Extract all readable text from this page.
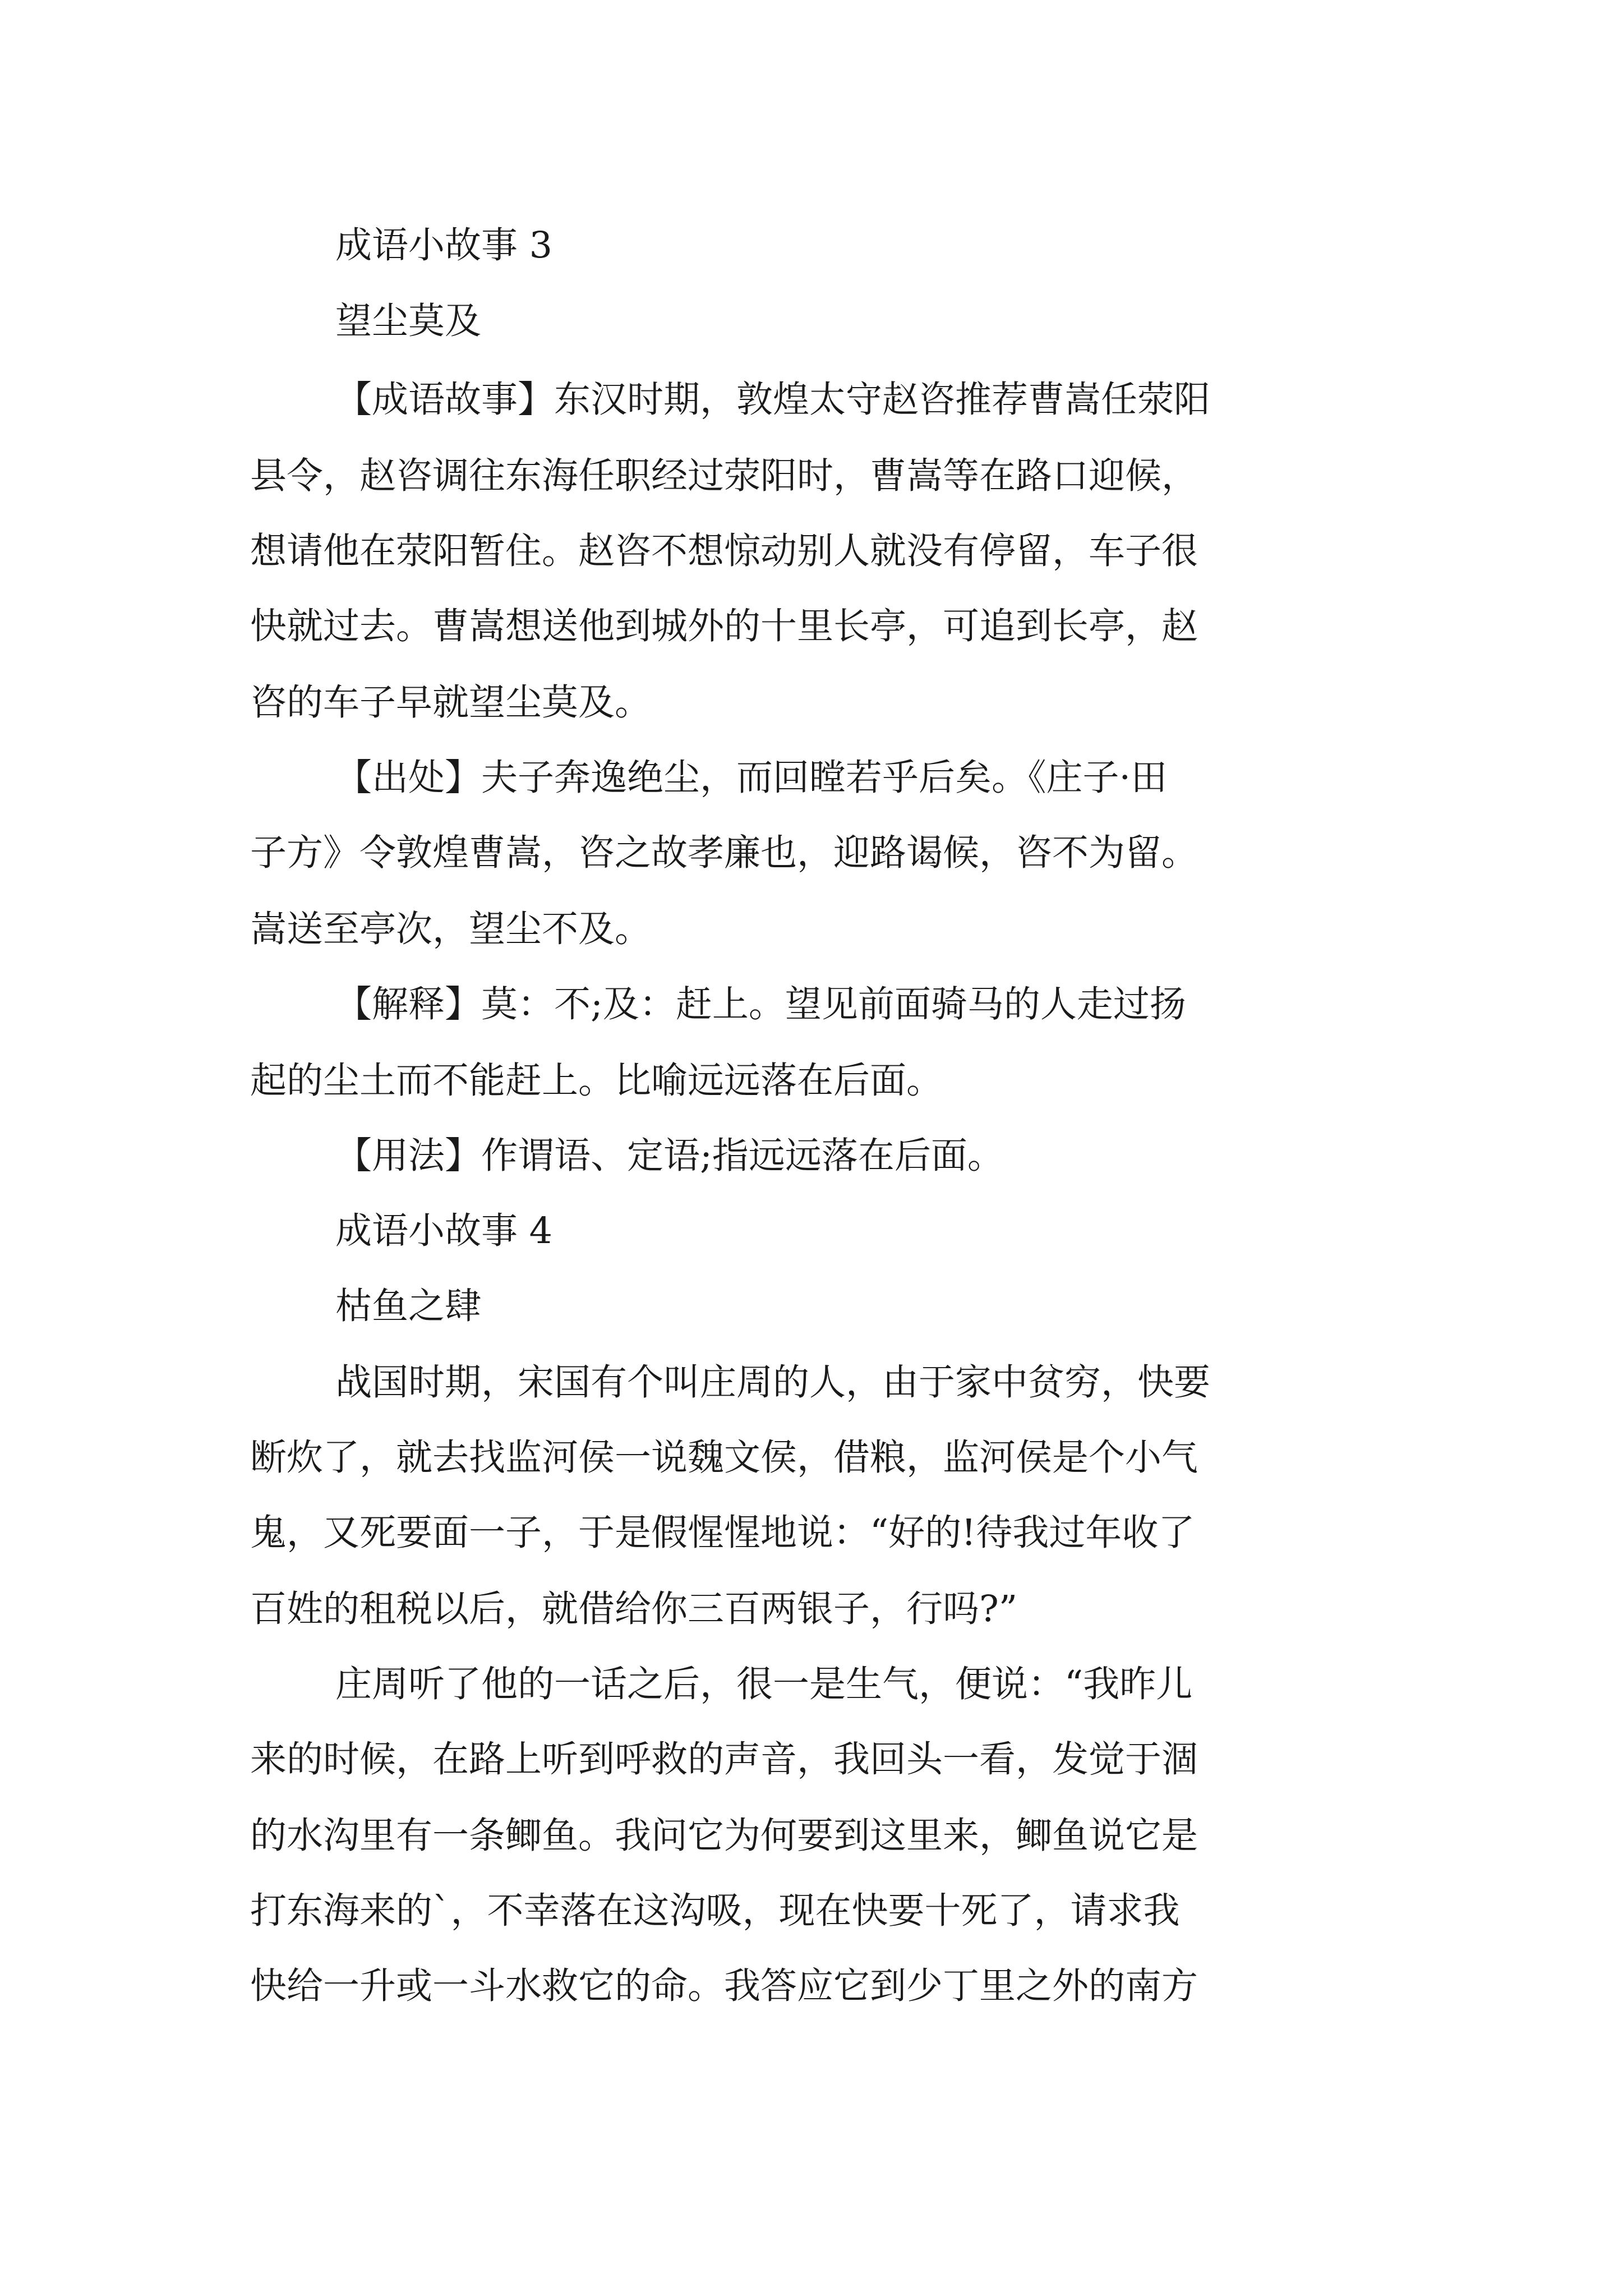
成语小故事 3
望尘莫及
【成语故事】东汉时期，敦煌太守赵咨推荐曹嵩任荥阳
县令，赵咨调往东海任职经过荥阳时，曹嵩等在路口迎候，
想请他在荥阳暂住。赵咨不想惊动别人就没有停留，车子很
快就过去。曹嵩想送他到城外的十里长亭，可追到长亭，赵
咨的车子早就望尘莫及。
【出处】夫子奔逸绝尘，而回瞠若乎后矣。《庄子·田
子方》令敦煌曹嵩，咨之故孝廉也，迎路谒候，咨不为留。
嵩送至亭次，望尘不及。
【解释】莫：不;及：赶上。望见前面骑马的人走过扬
起的尘土而不能赶上。比喻远远落在后面。
【用法】作谓语、定语;指远远落在后面。
成语小故事 4
枯鱼之肆
战国时期，宋国有个叫庄周的人，由于家中贫穷，快要
断炊了，就去找监河侯一说魏文侯，借粮，监河侯是个小气
鬼，又死要面一子，于是假惺惺地说：“好的!待我过年收了
百姓的租税以后，就借给你三百两银子，行吗?”
庄周听了他的一话之后，很一是生气，便说：“我昨儿
来的时候，在路上听到呼救的声音，我回头一看，发觉于涸
的水沟里有一条鲫鱼。我问它为何要到这里来，鲫鱼说它是
打东海来的`，不幸落在这沟吸，现在快要十死了，请求我
快给一升或一斗水救它的命。我答应它到少丁里之外的南方
